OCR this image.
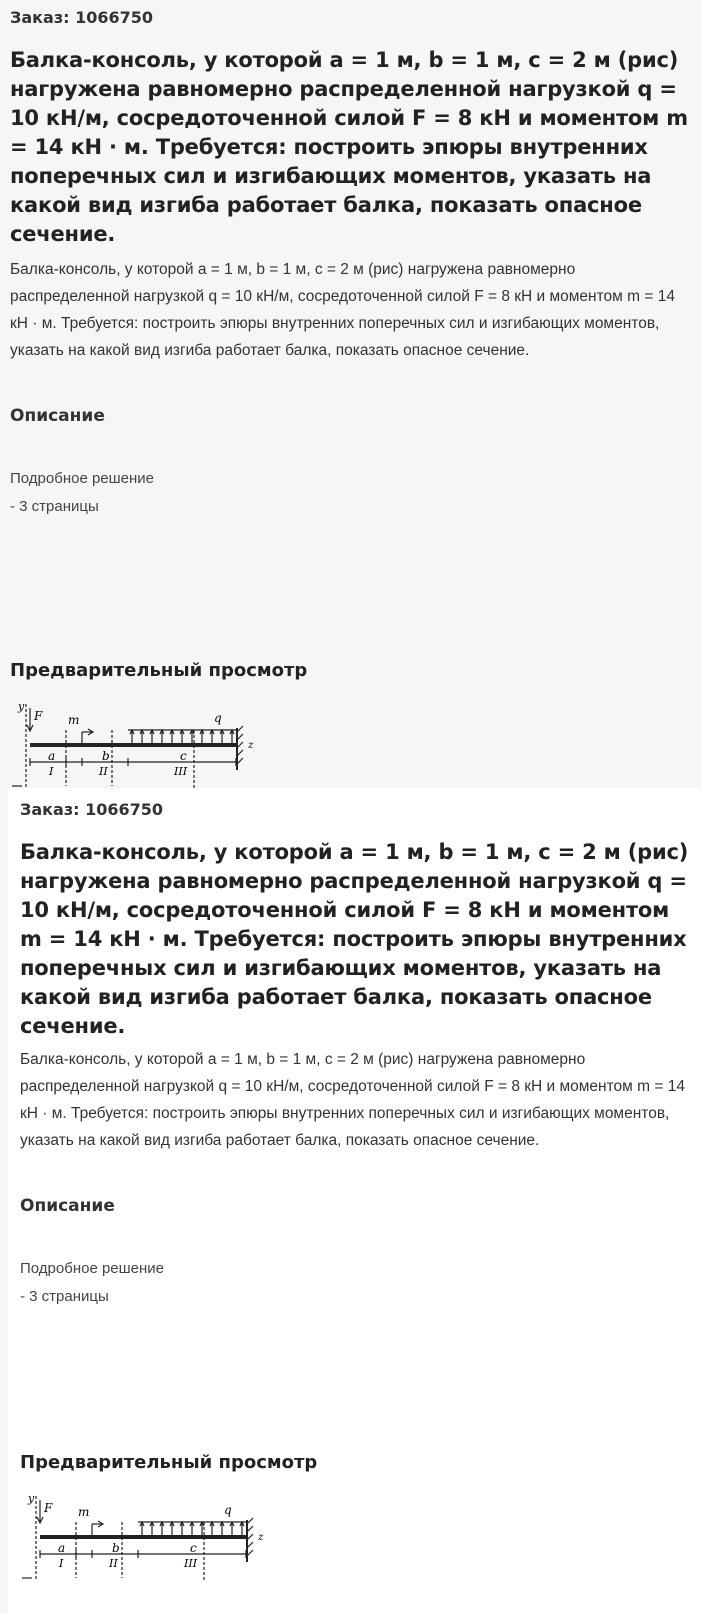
Заказ: 1066750
Балка-консоль, у которой a = 1 м, b = 1 м, c = 2 м (рис) нагружена равномерно распределенной нагрузкой q = 10 кН/м, сосредоточенной силой F = 8 кН и моментом m = 14 кН · м. Требуется: построить эпюры внутренних поперечных сил и изгибающих моментов, указать на какой вид изгиба работает балка, показать опасное сечение.
Балка-консоль, у которой a = 1 м, b = 1 м, c = 2 м (рис) нагружена равномерно распределенной нагрузкой q = 10 кН/м, сосредоточенной силой F = 8 кН и моментом m = 14 кН · м. Требуется: построить эпюры внутренних поперечных сил и изгибающих моментов, указать на какой вид изгиба работает балка, показать опасное сечение.
Описание
Подробное решение
- 3 страницы
Предварительный просмотр
y
F m	q
z
a	b	c
I	II	III
Заказ: 1066750
Балка-консоль, у которой a = 1 м, b = 1 м, c = 2 м (рис) нагружена равномерно распределенной нагрузкой q = 10 кН/м, сосредоточенной силой F = 8 кН и моментом m = 14 кН · м. Требуется: построить эпюры внутренних поперечных сил и изгибающих моментов, указать на какой вид изгиба работает балка, показать опасное сечение.
Балка-консоль, у которой a = 1 м, b = 1 м, c = 2 м (рис) нагружена равномерно распределенной нагрузкой q = 10 кН/м, сосредоточенной силой F = 8 кН и моментом m = 14 кН · м. Требуется: построить эпюры внутренних поперечных сил и изгибающих моментов, указать на какой вид изгиба работает балка, показать опасное сечение.
Описание
Подробное решение
- 3 страницы
Предварительный просмотр
y
F m	q
z
a	b	c
I	II	III
